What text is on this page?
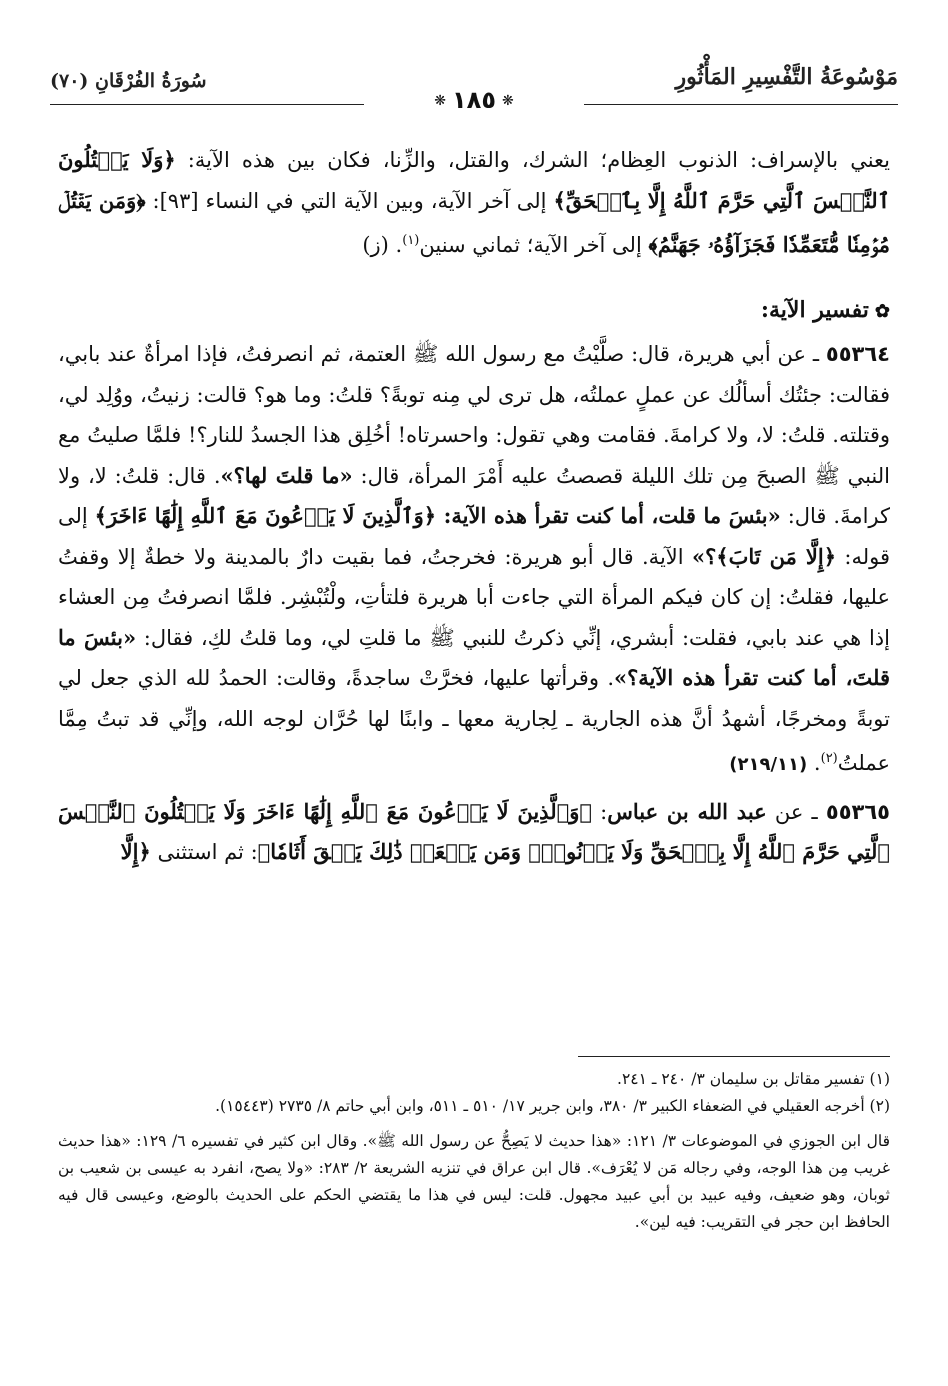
مَوْسُوعَةُ التَّفْسِيرِ المَأْثُورِ
❋١٨٥❋
سُورَةُ الفُرْقَانِ (٧٠)

يعني بالإسراف: الذنوب العِظام؛ الشرك، والقتل، والزِّنا، فكان بين هذه الآية: ﴿وَلَا يَقۡتُلُونَ ٱلنَّفۡسَ ٱلَّتِي حَرَّمَ ٱللَّهُ إِلَّا بِٱلۡحَقِّ﴾ إلى آخر الآية، وبين الآية التي في النساء [٩٣]: ﴿وَمَن يَقۡتُلۡ مُؤۡمِنٗا مُّتَعَمِّدٗا فَجَزَآؤُهُۥ جَهَنَّمُ﴾ إلى آخر الآية؛ ثماني سنين$^{(١)}$. (ز)

✿تفسير الآية:

٥٥٣٦٤ ـ عن أبي هريرة، قال: صلَّيْتُ مع رسول الله ﷺ العتمة، ثم انصرفتُ، فإذا امرأةٌ عند بابي، فقالت: جئتُك أسألُك عن عملٍ عملتُه، هل ترى لي مِنه توبةً؟ قلتُ: وما هو؟ قالت: زنيتُ، ووُلِد لي، وقتلته. قلتُ: لا، ولا كرامةَ. فقامت وهي تقول: واحسرتاه! أخُلِق هذا الجسدُ للنار؟! فلمَّا صليتُ مع النبي ﷺ الصبحَ مِن تلك الليلة قصصتُ عليه أَمْرَ المرأة، قال: «ما قلتَ لها؟». قال: قلتُ: لا، ولا كرامةَ. قال: «بئسَ ما قلت، أما كنت تقرأ هذه الآية: ﴿وَٱلَّذِينَ لَا يَدۡعُونَ مَعَ ٱللَّهِ إِلَٰهًا ءَاخَرَ﴾ إلى قوله: ﴿إِلَّا مَن تَابَ﴾؟» الآية. قال أبو هريرة: فخرجتُ، فما بقيت دارٌ بالمدينة ولا خطةٌ إلا وقفتُ عليها، فقلتُ: إن كان فيكم المرأة التي جاءت أبا هريرة فلتأتِ، ولْتُبْشِر. فلمَّا انصرفتُ مِن العشاء إذا هي عند بابي، فقلت: أبشري، إنِّي ذكرتُ للنبي ﷺ ما قلتِ لي، وما قلتُ لكِ، فقال: «بئسَ ما قلتَ، أما كنت تقرأ هذه الآية؟». وقرأتها عليها، فخرَّتْ ساجدةً، وقالت: الحمدُ لله الذي جعل لي توبةً ومخرجًا، أشهدُ أنَّ هذه الجارية ـ لِجارية معها ـ وابنًا لها حُرَّان لوجه الله، وإنِّي قد تبتُ مِمَّا عملتُ$^{(٢)}$. (٢١٩/١١)

٥٥٣٦٥ ـ عن عبد الله بن عباس: ﴿وَٱلَّذِينَ لَا يَدۡعُونَ مَعَ ٱللَّهِ إِلَٰهًا ءَاخَرَ وَلَا يَقۡتُلُونَ ٱلنَّفۡسَ ٱلَّتِي حَرَّمَ ٱللَّهُ إِلَّا بِٱلۡحَقِّ وَلَا يَزۡنُونَۚ وَمَن يَفۡعَلۡ ذَٰلِكَ يَلۡقَ أَثَامٗا﴾: ثم استثنى ﴿إِلَّا

(١) تفسير مقاتل بن سليمان ٣/ ٢٤٠ ـ ٢٤١.

(٢) أخرجه العقيلي في الضعفاء الكبير ٣/ ٣٨٠، وابن جرير ١٧/ ٥١٠ ـ ٥١١، وابن أبي حاتم ٨/ ٢٧٣٥ (١٥٤٤٣).

قال ابن الجوزي في الموضوعات ٣/ ١٢١: «هذا حديث لا يَصِحُّ عن رسول الله ﷺ». وقال ابن كثير في تفسيره ٦/ ١٢٩: «هذا حديث غريب مِن هذا الوجه، وفي رجاله مَن لا يُعْرَف». قال ابن عراق في تنزيه الشريعة ٢/ ٢٨٣: «ولا يصح، انفرد به عيسى بن شعيب بن ثوبان، وهو ضعيف، وفيه عبيد بن أبي عبيد مجهول. قلت: ليس في هذا ما يقتضي الحكم على الحديث بالوضع، وعيسى قال فيه الحافظ ابن حجر في التقريب: فيه لين».
